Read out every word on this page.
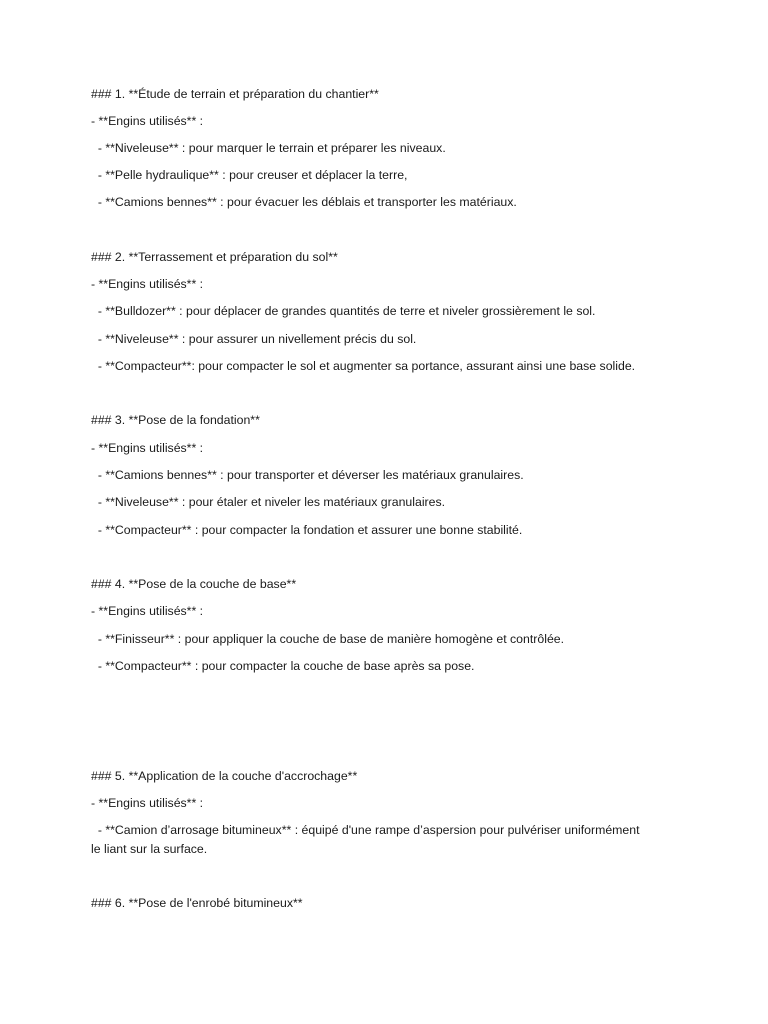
### 1. **Étude de terrain et préparation du chantier**
- **Engins utilisés** :
- **Niveleuse** : pour marquer le terrain et préparer les niveaux.
- **Pelle hydraulique** : pour creuser et déplacer la terre,
- **Camions bennes** : pour évacuer les déblais et transporter les matériaux.
### 2. **Terrassement et préparation du sol**
- **Engins utilisés** :
- **Bulldozer** : pour déplacer de grandes quantités de terre et niveler grossièrement le sol.
- **Niveleuse** : pour assurer un nivellement précis du sol.
- **Compacteur**: pour compacter le sol et augmenter sa portance, assurant ainsi une base solide.
### 3. **Pose de la fondation**
- **Engins utilisés** :
- **Camions bennes** : pour transporter et déverser les matériaux granulaires.
- **Niveleuse** : pour étaler et niveler les matériaux granulaires.
- **Compacteur** : pour compacter la fondation et assurer une bonne stabilité.
### 4. **Pose de la couche de base**
- **Engins utilisés** :
- **Finisseur** : pour appliquer la couche de base de manière homogène et contrôlée.
- **Compacteur** : pour compacter la couche de base après sa pose.
### 5. **Application de la couche d'accrochage**
- **Engins utilisés** :
- **Camion d’arrosage bitumineux** : équipé d'une rampe d’aspersion pour pulvériser uniformément le liant sur la surface.
### 6. **Pose de l'enrobé bitumineux**
